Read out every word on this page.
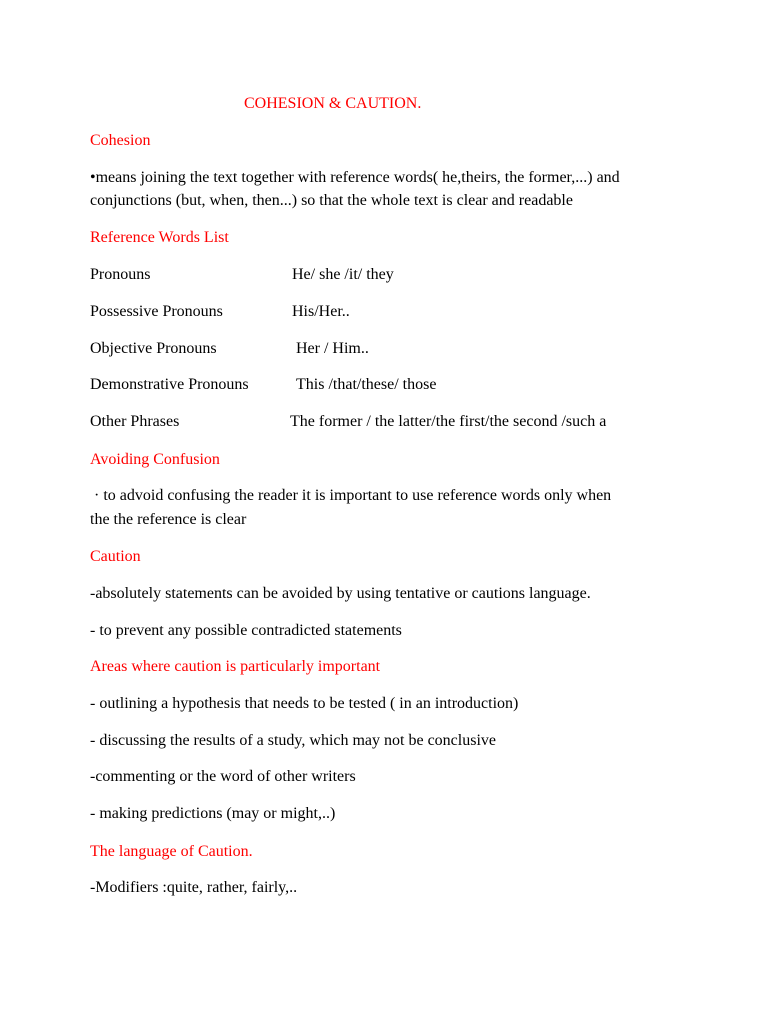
COHESION & CAUTION.
Cohesion
•means joining the text together with reference words( he,theirs, the former,...) and
conjunctions (but, when, then...) so that the whole text is clear and readable
Reference Words List
Pronouns	He/ she /it/ they
Possessive Pronouns	His/Her..
Objective Pronouns	Her / Him..
Demonstrative Pronouns	This /that/these/ those
Other Phrases	The former / the latter/the first/the second /such a
Avoiding Confusion
· to advoid confusing the reader it is important to use reference words only when
the the reference is clear
Caution
-absolutely statements can be avoided by using tentative or cautions language.
- to prevent any possible contradicted statements
Areas where caution is particularly important
- outlining a hypothesis that needs to be tested ( in an introduction)
- discussing the results of a study, which may not be conclusive
-commenting or the word of other writers
- making predictions (may or might,..)
The language of Caution.
-Modifiers :quite, rather, fairly,..
